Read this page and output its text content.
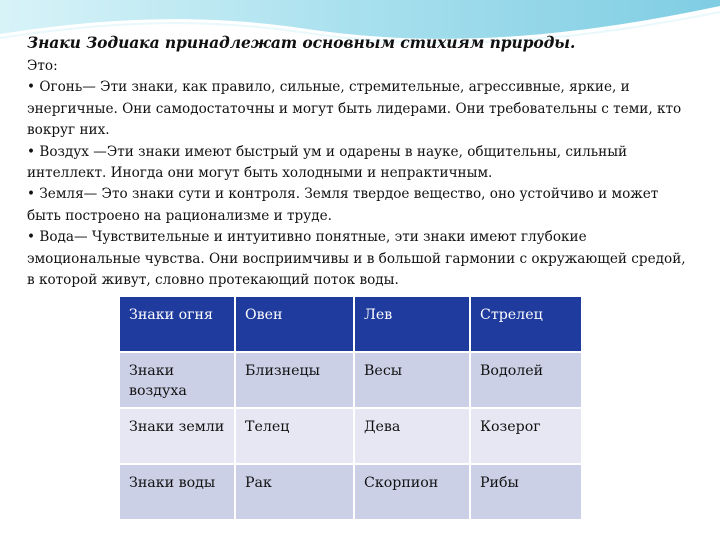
Знаки Зодиака принадлежат основным стихиям природы.

Это:

• Огонь— Эти знаки, как правило, сильные, стремительные, агрессивные, яркие, и энергичные. Они самодостаточны и могут быть лидерами. Они требовательны с теми, кто вокруг них.

• Воздух —Эти знаки имеют быстрый ум и одарены в науке, общительны, сильный интеллект. Иногда они могут быть холодными и непрактичным.

• Земля— Это знаки сути и контроля. Земля твердое вещество, оно устойчиво и может быть построено на рационализме и труде.

• Вода— Чувствительные и интуитивно понятные, эти знаки имеют глубокие эмоциональные чувства. Они восприимчивы и в большой гармонии с окружающей средой, в которой живут, словно протекающий поток воды.

Знаки огня	Овен	Лев	Стрелец
Знаки воздуха	Близнецы	Весы	Водолей
Знаки земли	Телец	Дева	Козерог
Знаки воды	Рак	Скорпион	Рибы
